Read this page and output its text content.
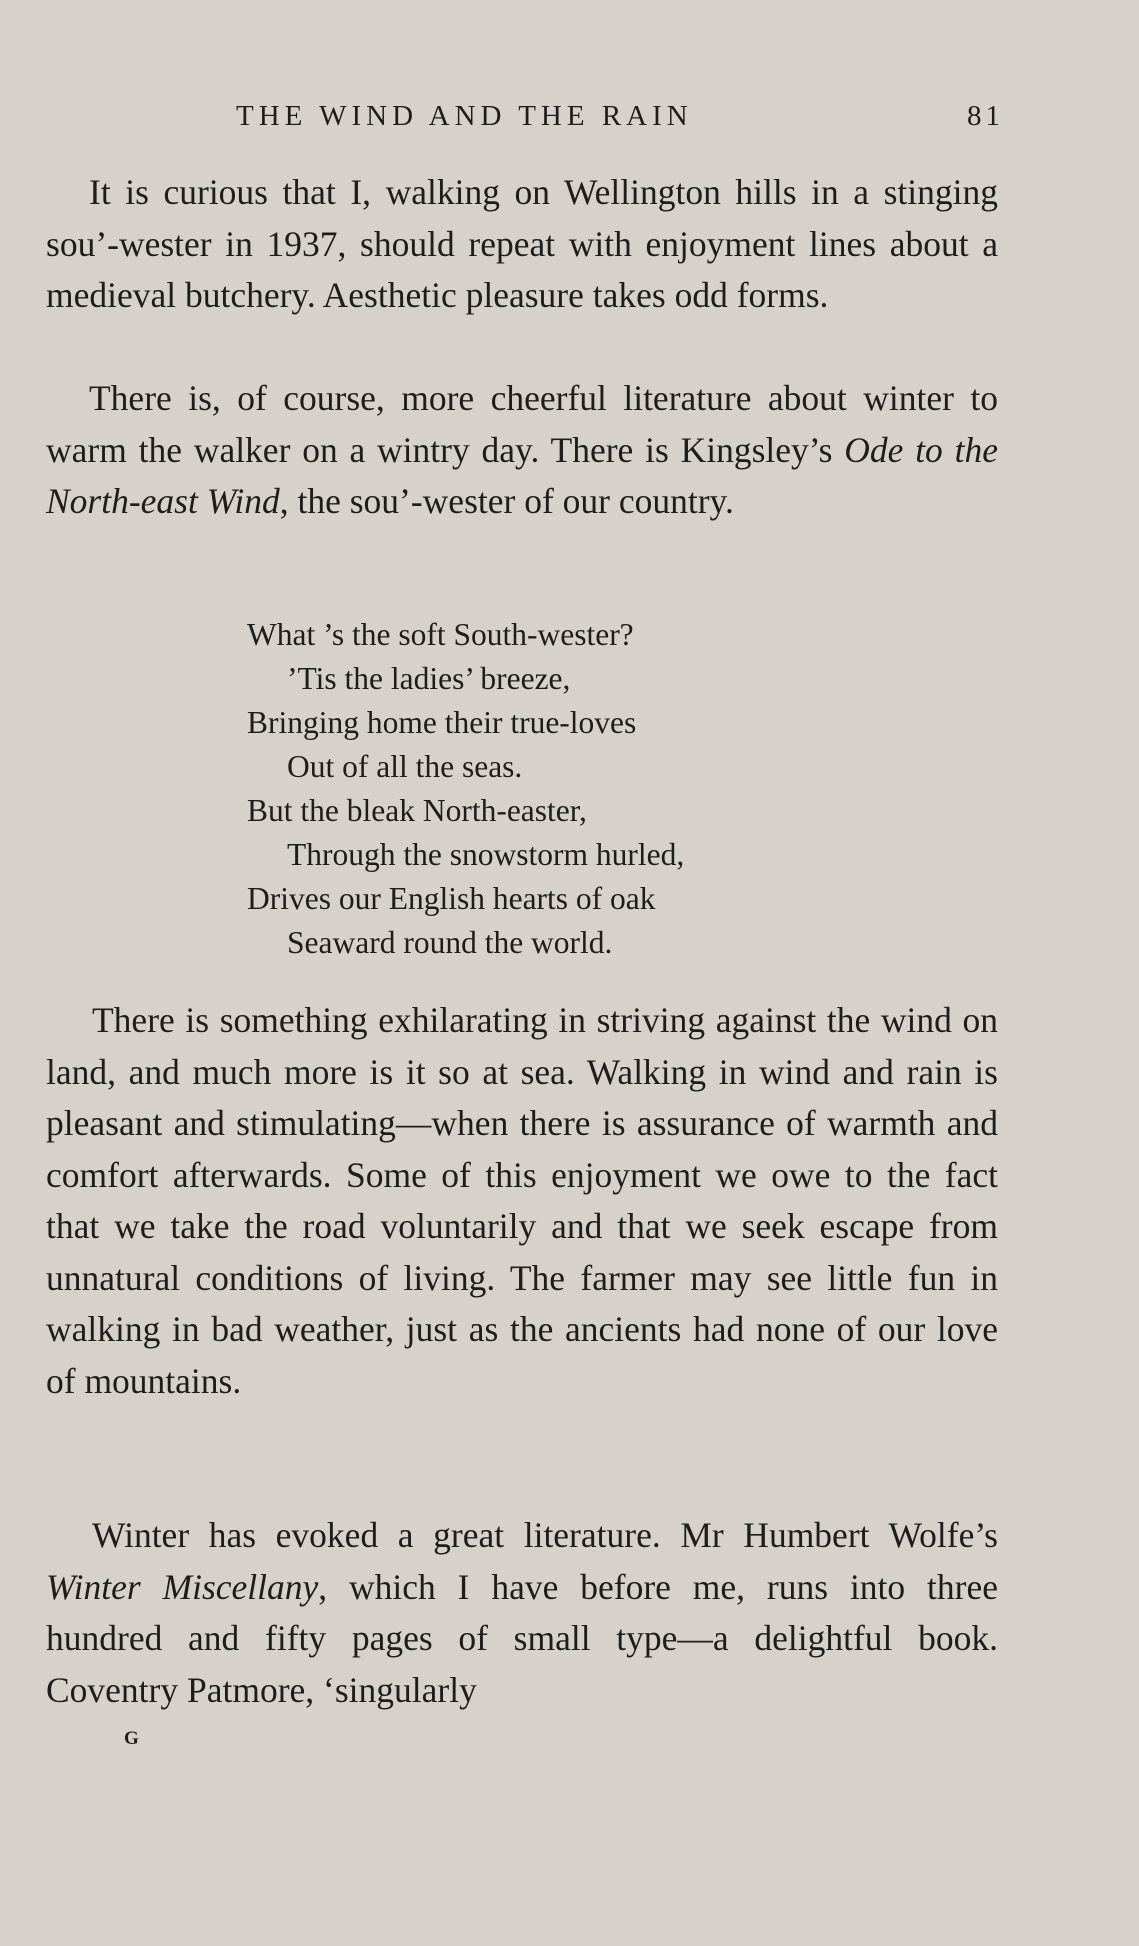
THE WIND AND THE RAIN	81

It is curious that I, walking on Wellington hills in a stinging sou’-wester in 1937, should repeat with enjoyment lines about a medieval butchery. Aesthetic pleasure takes odd forms.

There is, of course, more cheerful literature about winter to warm the walker on a wintry day. There is Kingsley’s Ode to the North-east Wind, the sou’-wester of our country.

What ’s the soft South-wester?
’Tis the ladies’ breeze,
Bringing home their true-loves
Out of all the seas.
But the bleak North-easter,
Through the snowstorm hurled,
Drives our English hearts of oak
Seaward round the world.

There is something exhilarating in striving against the wind on land, and much more is it so at sea. Walking in wind and rain is pleasant and stimulating—when there is assurance of warmth and comfort afterwards. Some of this enjoyment we owe to the fact that we take the road voluntarily and that we seek escape from unnatural conditions of living. The farmer may see little fun in walking in bad weather, just as the ancients had none of our love of mountains.

Winter has evoked a great literature. Mr Humbert Wolfe’s Winter Miscellany, which I have before me, runs into three hundred and fifty pages of small type—a delightful book. Coventry Patmore, ‘singularly

G
